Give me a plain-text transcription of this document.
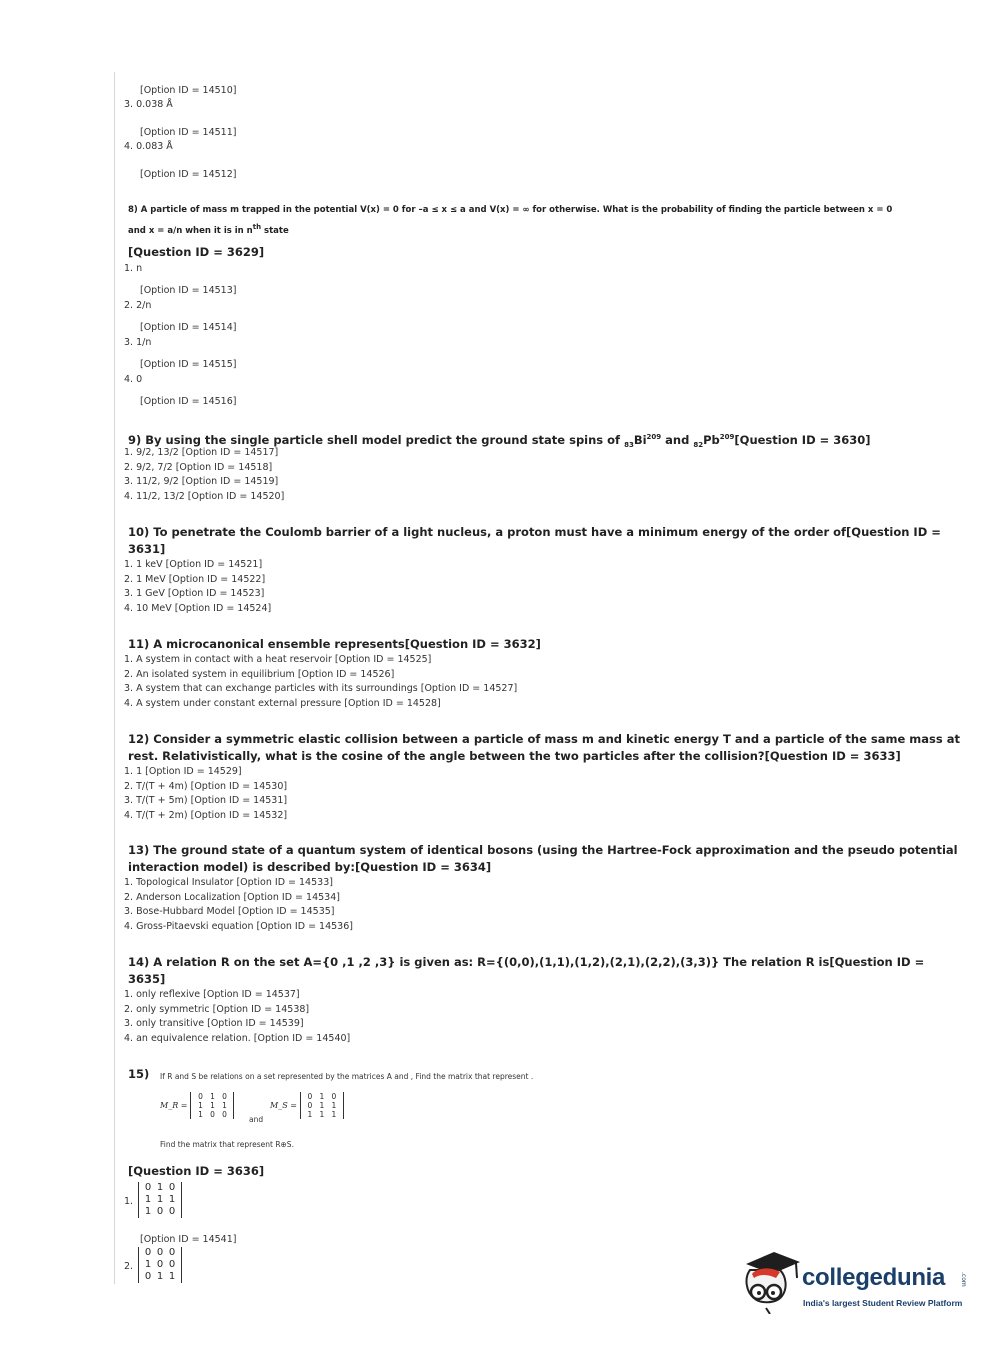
[Option ID = 14510]
3. 0.038 Å
[Option ID = 14511]
4. 0.083 Å
[Option ID = 14512]
8) A particle of mass m trapped in the potential V(x) = 0 for –a ≤ x ≤ a and V(x) = ∞ for otherwise. What is the probability of finding the particle between x = 0
and x = a/n when it is in $n^{th}$ state
[Question ID = 3629]
1. n
[Option ID = 14513]
2. 2/n
[Option ID = 14514]
3. 1/n
[Option ID = 14515]
4. 0
[Option ID = 14516]
9) By using the single particle shell model predict the ground state spins of $_{83}Bi^{209}$ and $_{82}Pb^{209}[Question$ ID = 3630]
1. 9/2, 13/2 [Option ID = 14517]
2. 9/2, 7/2 [Option ID = 14518]
3. 11/2, 9/2 [Option ID = 14519]
4. 11/2, 13/2 [Option ID = 14520]
10) To penetrate the Coulomb barrier of a light nucleus, a proton must have a minimum energy of the order of[Question ID =
3631]
1. 1 keV [Option ID = 14521]
2. 1 MeV [Option ID = 14522]
3. 1 GeV [Option ID = 14523]
4. 10 MeV [Option ID = 14524]
11) A microcanonical ensemble represents[Question ID = 3632]
1. A system in contact with a heat reservoir [Option ID = 14525]
2. An isolated system in equilibrium [Option ID = 14526]
3. A system that can exchange particles with its surroundings [Option ID = 14527]
4. A system under constant external pressure [Option ID = 14528]
12) Consider a symmetric elastic collision between a particle of mass m and kinetic energy T and a particle of the same mass at
rest. Relativistically, what is the cosine of the angle between the two particles after the collision?[Question ID = 3633]
1. 1 [Option ID = 14529]
2. T/(T + 4m) [Option ID = 14530]
3. T/(T + 5m) [Option ID = 14531]
4. T/(T + 2m) [Option ID = 14532]
13) The ground state of a quantum system of identical bosons (using the Hartree-Fock approximation and the pseudo potential
interaction model) is described by:[Question ID = 3634]
1. Topological Insulator [Option ID = 14533]
2. Anderson Localization [Option ID = 14534]
3. Bose-Hubbard Model [Option ID = 14535]
4. Gross-Pitaevski equation [Option ID = 14536]
14) A relation R on the set A={0 ,1 ,2 ,3} is given as: R={(0,0),(1,1),(1,2),(2,1),(2,2),(3,3)} The relation R is[Question ID =
3635]
1. only reflexive [Option ID = 14537]
2. only symmetric [Option ID = 14538]
3. only transitive [Option ID = 14539]
4. an equivalence relation. [Option ID = 14540]
15) If R and S be relations on a set represented by the matrices A and , Find the matrix that represent .
M_R =
0 1 0
1 1 1
1 0 0
and
M_S =
0 1 0
0 1 1
1 1 1
Find the matrix that represent R⊕S.
[Question ID = 3636]
1.
0 1 0
1 1 1
1 0 0
[Option ID = 14541]
2.
0 0 0
1 0 0
0 1 1	collegedunia .com
India's largest Student Review Platform
